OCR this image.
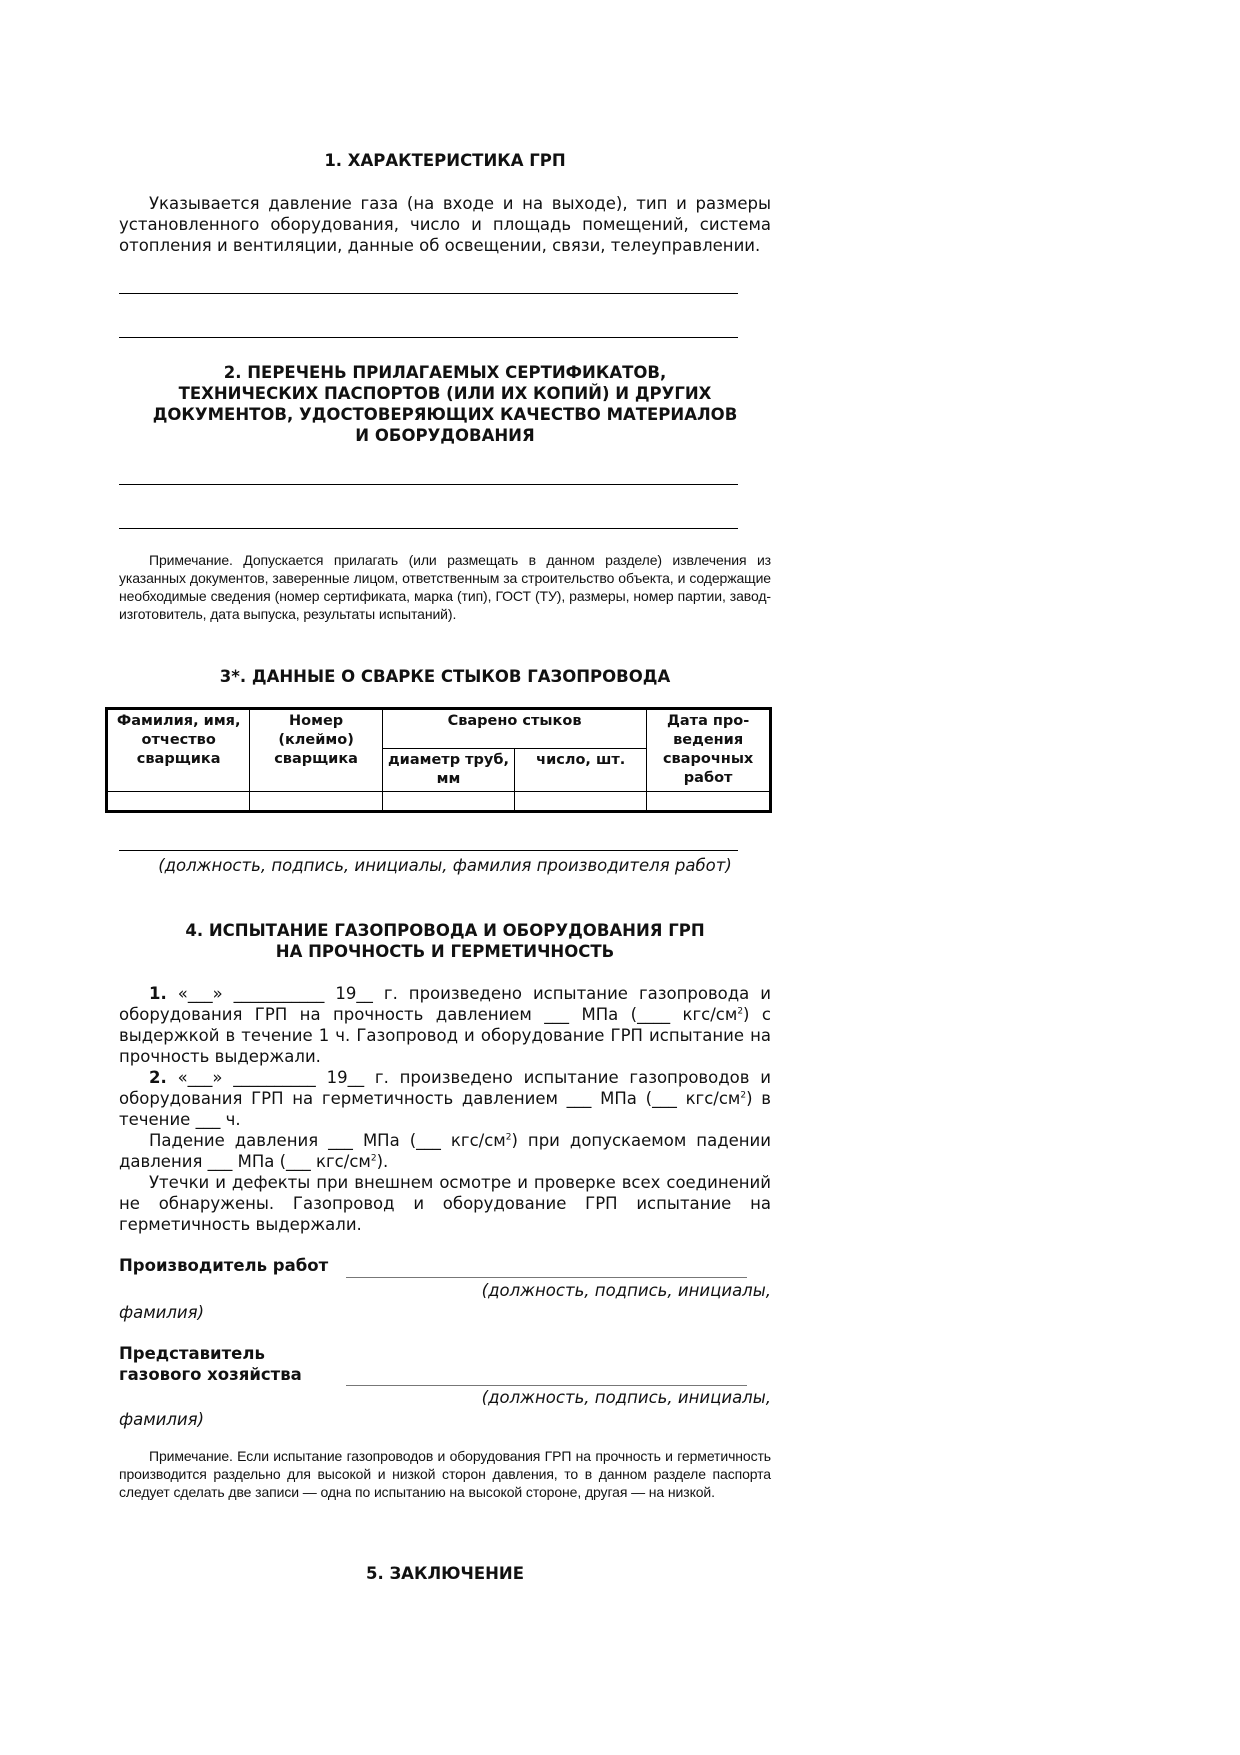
1. ХАРАКТЕРИСТИКА ГРП

Указывается давление газа (на входе и на выходе), тип и размеры установленного оборудования, число и площадь помещений, система отопления и вентиляции, данные об освещении, связи, телеуправлении.

2. ПЕРЕЧЕНЬ ПРИЛАГАЕМЫХ СЕРТИФИКАТОВ,

ТЕХНИЧЕСКИХ ПАСПОРТОВ (ИЛИ ИХ КОПИЙ) И ДРУГИХ

ДОКУМЕНТОВ, УДОСТОВЕРЯЮЩИХ КАЧЕСТВО МАТЕРИАЛОВ

И ОБОРУДОВАНИЯ

Примечание. Допускается прилагать (или размещать в данном разделе) извлечения из указанных документов, заверенные лицом, ответственным за строительство объекта, и содержащие необходимые сведения (номер сертификата, марка (тип), ГОСТ (ТУ), размеры, номер партии, завод-изготовитель, дата выпуска, результаты испытаний).

3*. ДАННЫЕ О СВАРКЕ СТЫКОВ ГАЗОПРОВОДА

Фамилия, имя, отчество сварщика	Номер (клеймо) сварщика	Сварено стыков		Дата про-ведения сварочных работ
		диаметр труб, мм	число, шт.	

(должность, подпись, инициалы, фамилия производителя работ)

4. ИСПЫТАНИЕ ГАЗОПРОВОДА И ОБОРУДОВАНИЯ ГРП

НА ПРОЧНОСТЬ И ГЕРМЕТИЧНОСТЬ

1. «___» ___________ 19__ г. произведено испытание газопровода и оборудования ГРП на прочность давлением ___ МПа (____ кгс/$см^2$) с выдержкой в течение 1 ч. Газопровод и оборудование ГРП испытание на прочность выдержали.

2. «___» __________ 19__ г. произведено испытание газопроводов и оборудования ГРП на герметичность давлением ___ МПа (___ кгс/$см^2$) в течение ___ ч.

Падение давления ___ МПа (___ кгс/$см^2$) при допускаемом падении давления ___ МПа (___ кгс/$см^2$).

Утечки и дефекты при внешнем осмотре и проверке всех соединений не обнаружены. Газопровод и оборудование ГРП испытание на герметичность выдержали.

Производитель работ
(должность, подпись, инициалы,
фамилия)
Представитель
газового хозяйства
(должность, подпись, инициалы,
фамилия)

Примечание. Если испытание газопроводов и оборудования ГРП на прочность и герметичность производится раздельно для высокой и низкой сторон давления, то в данном разделе паспорта следует сделать две записи — одна по испытанию на высокой стороне, другая — на низкой.

5. ЗАКЛЮЧЕНИЕ
